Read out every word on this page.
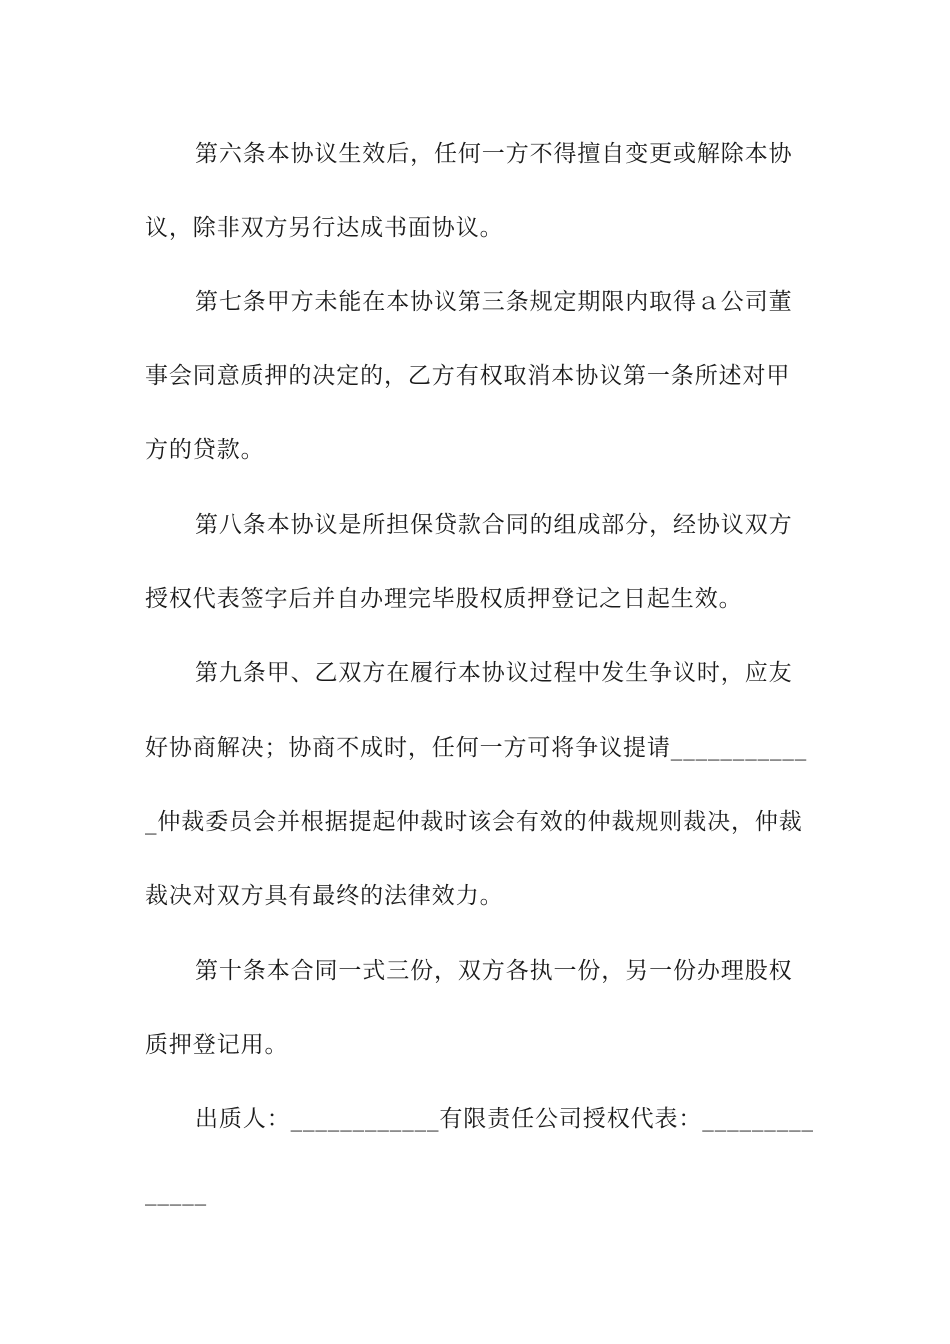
第六条本协议生效后，任何一方不得擅自变更或解除本协
议，除非双方另行达成书面协议。
第七条甲方未能在本协议第三条规定期限内取得ａ公司董
事会同意质押的决定的，乙方有权取消本协议第一条所述对甲
方的贷款。
第八条本协议是所担保贷款合同的组成部分，经协议双方
授权代表签字后并自办理完毕股权质押登记之日起生效。
第九条甲、乙双方在履行本协议过程中发生争议时，应友
好协商解决；协商不成时，任何一方可将争议提请___________
_仲裁委员会并根据提起仲裁时该会有效的仲裁规则裁决，仲裁
裁决对双方具有最终的法律效力。
第十条本合同一式三份，双方各执一份，另一份办理股权
质押登记用。
出质人：____________有限责任公司授权代表：_________
_____
